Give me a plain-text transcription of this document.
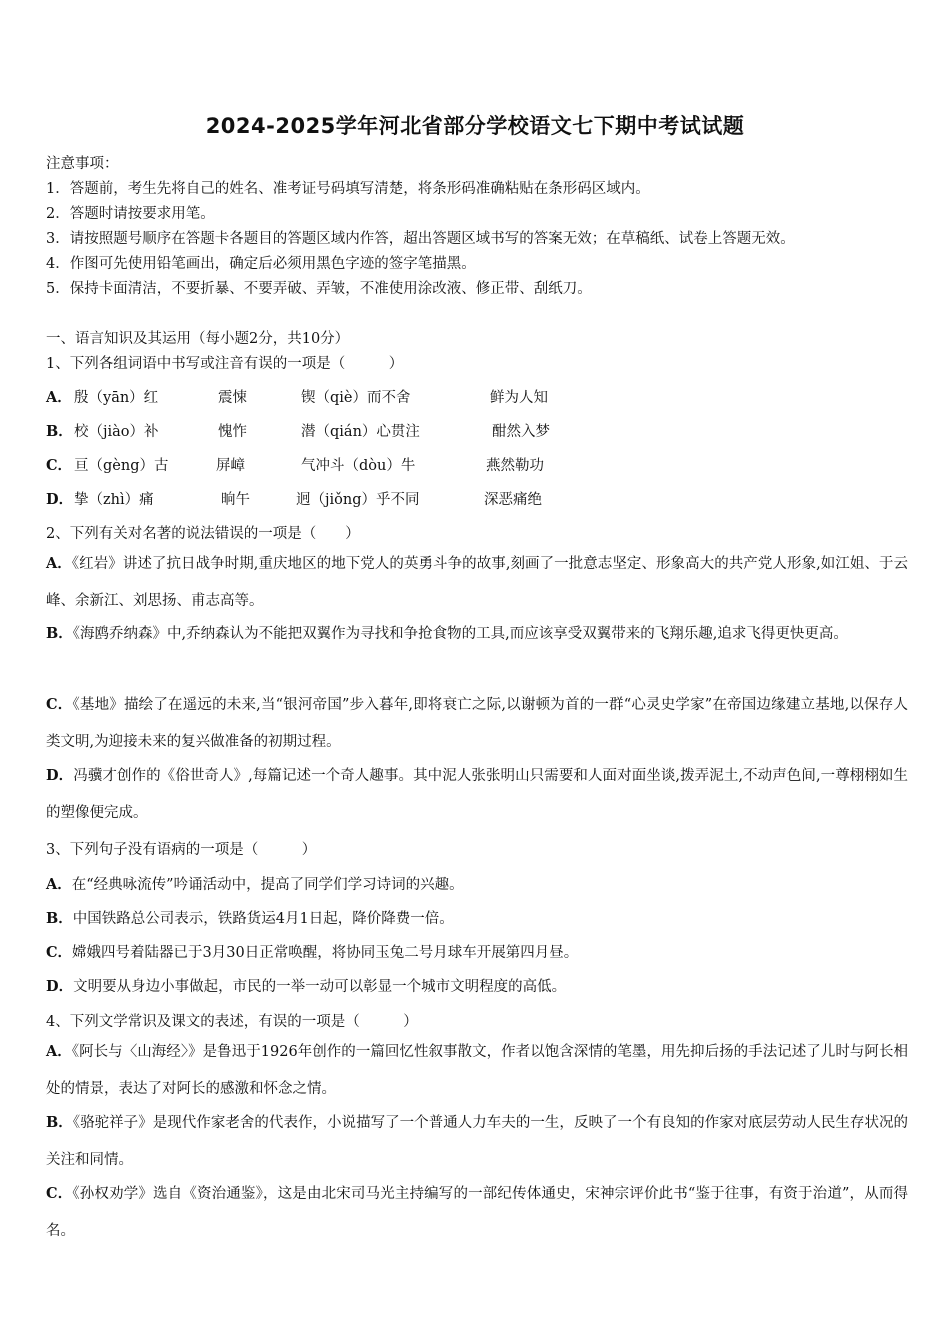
2024-2025学年河北省部分学校语文七下期中考试试题
注意事项：
1．答题前，考生先将自己的姓名、准考证号码填写清楚，将条形码准确粘贴在条形码区域内。
2．答题时请按要求用笔。
3．请按照题号顺序在答题卡各题目的答题区域内作答，超出答题区域书写的答案无效；在草稿纸、试卷上答题无效。
4．作图可先使用铅笔画出，确定后必须用黑色字迹的签字笔描黑。
5．保持卡面清洁，不要折暴、不要弄破、弄皱，不准使用涂改液、修正带、刮纸刀。
一、语言知识及其运用（每小题2分，共10分）
1、下列各组词语中书写或注音有误的一项是（　　　）
A． 殷（yān）红	震悚	锲（qiè）而不舍	鲜为人知
B． 校（jiào）补	愧怍	潜（qián）心贯注	酣然入梦
C． 亘（gèng）古	屏嶂	气冲斗（dòu）牛	燕然勒功
D． 挚（zhì）痛	晌午	迥（jiǒng）乎不同	深恶痛绝
2、下列有关对名著的说法错误的一项是（　　）
A．《红岩》讲述了抗日战争时期,重庆地区的地下党人的英勇斗争的故事,刻画了一批意志坚定、形象高大的共产党人形象,如江姐、于云峰、余新江、刘思扬、甫志高等。
B．《海鸥乔纳森》中,乔纳森认为不能把双翼作为寻找和争抢食物的工具,而应该享受双翼带来的飞翔乐趣,追求飞得更快更高。
C．《基地》描绘了在遥远的未来,当“银河帝国”步入暮年,即将衰亡之际,以谢顿为首的一群“心灵史学家”在帝国边缘建立基地,以保存人类文明,为迎接未来的复兴做准备的初期过程。
D．冯骥才创作的《俗世奇人》,每篇记述一个奇人趣事。其中泥人张张明山只需要和人面对面坐谈,拨弄泥土,不动声色间,一尊栩栩如生的塑像便完成。
3、下列句子没有语病的一项是（　　　）
A．在“经典咏流传”吟诵活动中，提高了同学们学习诗词的兴趣。
B．中国铁路总公司表示，铁路货运4月1日起，降价降费一倍。
C．嫦娥四号着陆器已于3月30日正常唤醒，将协同玉兔二号月球车开展第四月昼。
D．文明要从身边小事做起，市民的一举一动可以彰显一个城市文明程度的高低。
4、下列文学常识及课文的表述，有误的一项是（　　　）
A．《阿长与〈山海经〉》是鲁迅于1926年创作的一篇回忆性叙事散文，作者以饱含深情的笔墨，用先抑后扬的手法记述了儿时与阿长相处的情景，表达了对阿长的感激和怀念之情。
B．《骆驼祥子》是现代作家老舍的代表作，小说描写了一个普通人力车夫的一生，反映了一个有良知的作家对底层劳动人民生存状况的关注和同情。
C．《孙权劝学》选自《资治通鉴》，这是由北宋司马光主持编写的一部纪传体通史，宋神宗评价此书“鉴于往事，有资于治道”，从而得名。
